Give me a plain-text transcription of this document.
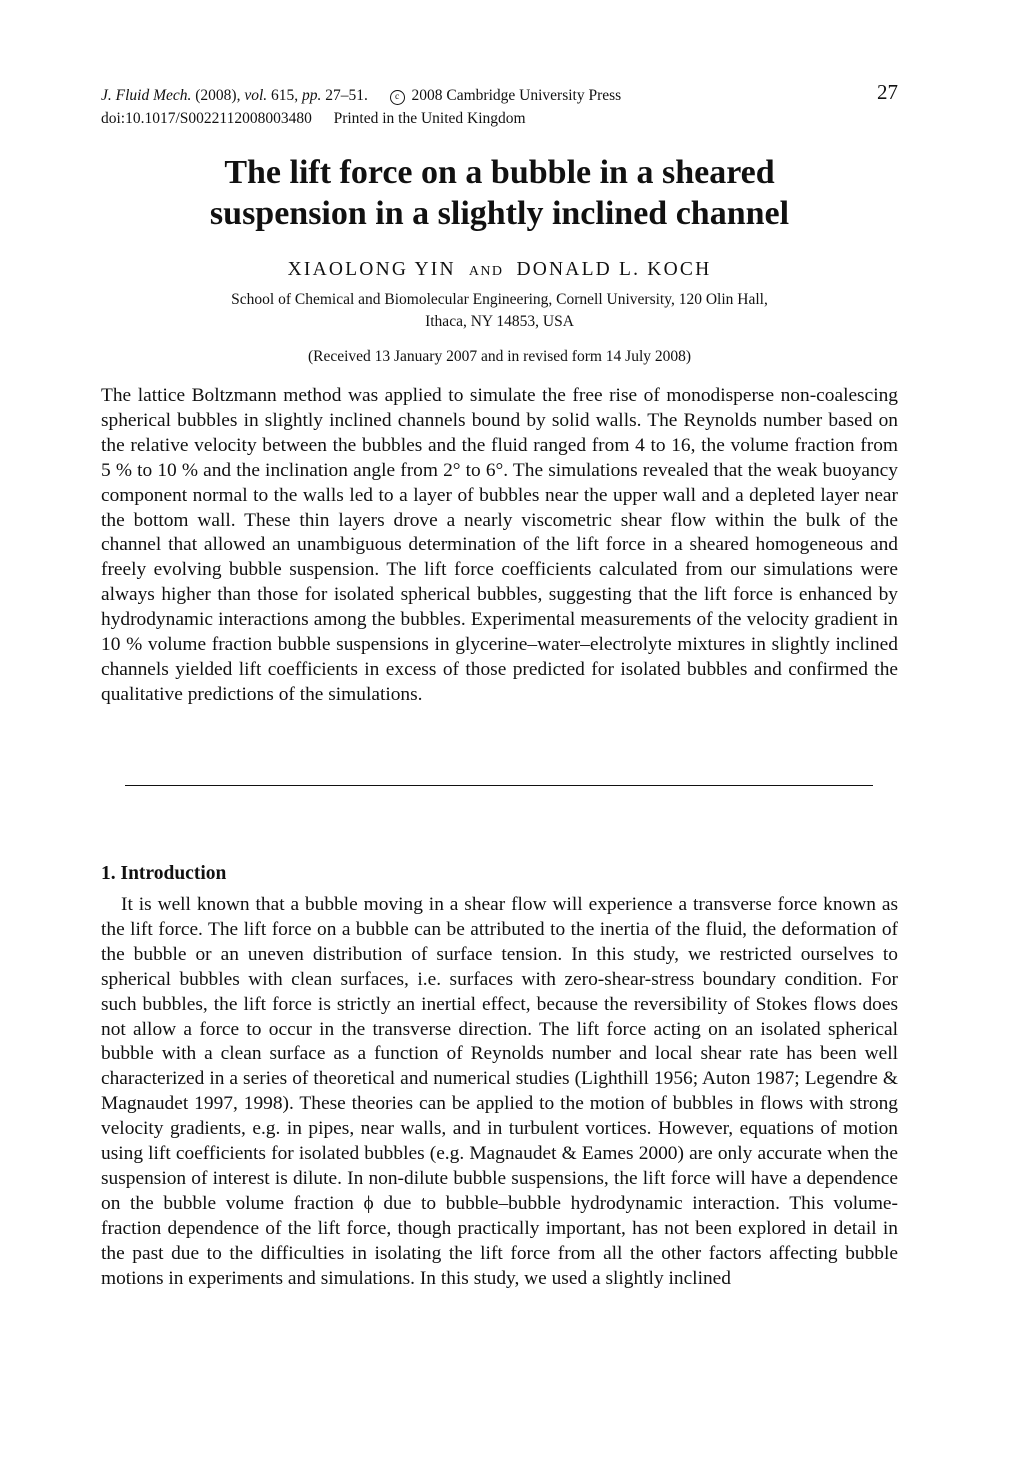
J. Fluid Mech. (2008), vol. 615, pp. 27–51.	c 2008 Cambridge University Press
doi:10.1017/S0022112008003480 Printed in the United Kingdom
27
The lift force on a bubble in a sheared
suspension in a slightly inclined channel
XIAOLONG YIN AND DONALD L. KOCH
School of Chemical and Biomolecular Engineering, Cornell University, 120 Olin Hall,
Ithaca, NY 14853, USA
(Received 13 January 2007 and in revised form 14 July 2008)

The lattice Boltzmann method was applied to simulate the free rise of monodisperse non-coalescing spherical bubbles in slightly inclined channels bound by solid walls. The Reynolds number based on the relative velocity between the bubbles and the fluid ranged from 4 to 16, the volume fraction from 5 % to 10 % and the inclination angle from 2° to 6°. The simulations revealed that the weak buoyancy component normal to the walls led to a layer of bubbles near the upper wall and a depleted layer near the bottom wall. These thin layers drove a nearly viscometric shear flow within the bulk of the channel that allowed an unambiguous determination of the lift force in a sheared homogeneous and freely evolving bubble suspension. The lift force coefficients calculated from our simulations were always higher than those for isolated spherical bubbles, suggesting that the lift force is enhanced by hydrodynamic interactions among the bubbles. Experimental measurements of the velocity gradient in 10 % volume fraction bubble suspensions in glycerine–water–electrolyte mixtures in slightly inclined channels yielded lift coefficients in excess of those predicted for isolated bubbles and confirmed the qualitative predictions of the simulations.

1. Introduction

It is well known that a bubble moving in a shear flow will experience a transverse force known as the lift force. The lift force on a bubble can be attributed to the inertia of the fluid, the deformation of the bubble or an uneven distribution of surface tension. In this study, we restricted ourselves to spherical bubbles with clean surfaces, i.e. surfaces with zero-shear-stress boundary condition. For such bubbles, the lift force is strictly an inertial effect, because the reversibility of Stokes flows does not allow a force to occur in the transverse direction. The lift force acting on an isolated spherical bubble with a clean surface as a function of Reynolds number and local shear rate has been well characterized in a series of theoretical and numerical studies (Lighthill 1956; Auton 1987; Legendre & Magnaudet 1997, 1998). These theories can be applied to the motion of bubbles in flows with strong velocity gradients, e.g. in pipes, near walls, and in turbulent vortices. However, equations of motion using lift coefficients for isolated bubbles (e.g. Magnaudet & Eames 2000) are only accurate when the suspension of interest is dilute. In non-dilute bubble suspensions, the lift force will have a dependence on the bubble volume fraction ϕ due to bubble–bubble hydrodynamic interaction. This volume-fraction dependence of the lift force, though practically important, has not been explored in detail in the past due to the difficulties in isolating the lift force from all the other factors affecting bubble motions in experiments and simulations. In this study, we used a slightly inclined
